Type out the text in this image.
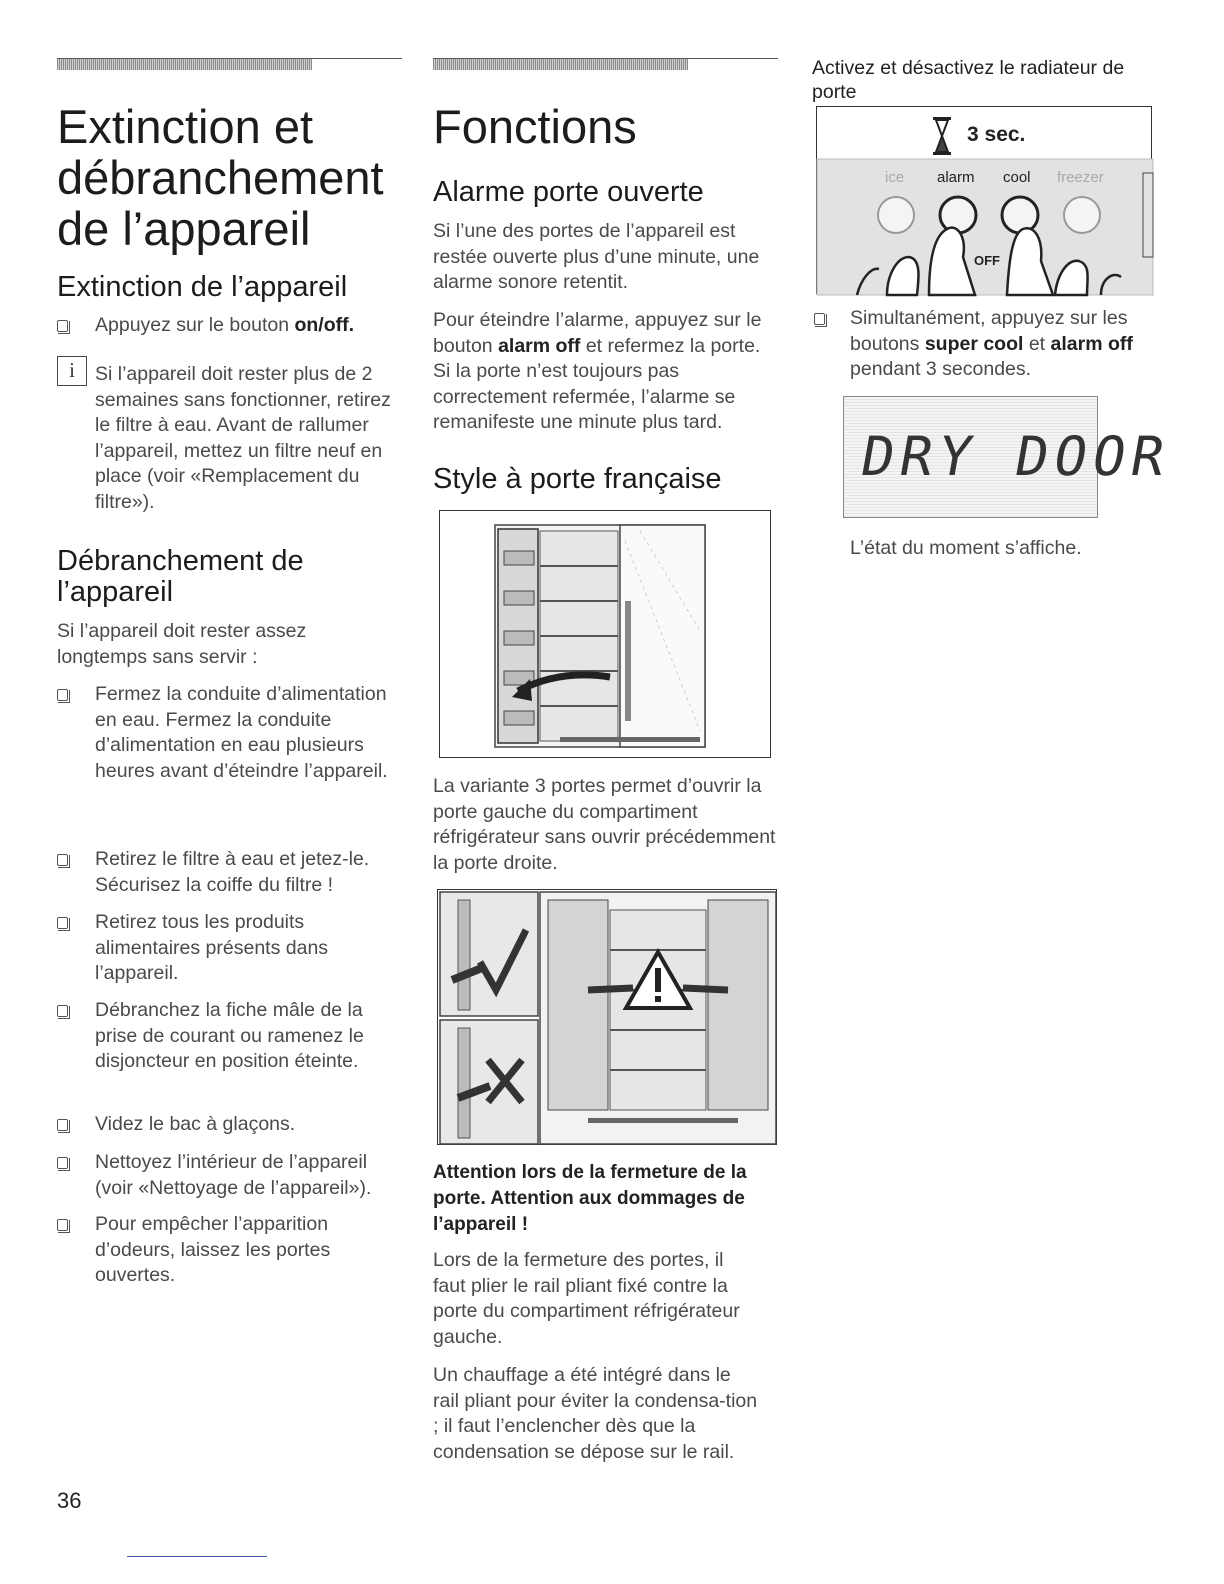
Extinction et débranchement de l’appareil
Extinction de l’appareil
Appuyez sur le bouton on/off.
i	Si l’appareil doit rester plus de 2 semaines sans fonctionner, retirez le filtre à eau. Avant de rallumer l’appareil, mettez un filtre neuf en place (voir «Remplacement du filtre»).

Débranchement de l’appareil

Si l’appareil doit rester assez longtemps sans servir :

Fermez la conduite d’alimentation en eau. Fermez la conduite d’alimentation en eau plusieurs heures avant d’éteindre l’appareil.
Retirez le filtre à eau et jetez-le. Sécurisez la coiffe du filtre !
Retirez tous les produits alimentaires présents dans l’appareil.
Débranchez la fiche mâle de la prise de courant ou ramenez le disjoncteur en position éteinte.
Videz le bac à glaçons.
Nettoyez l’intérieur de l’appareil (voir «Nettoyage de l’appareil»).
Pour empêcher l’apparition d’odeurs, laissez les portes ouvertes.
Fonctions
Alarme porte ouverte

Si l’une des portes de l’appareil est restée ouverte plus d’une minute, une alarme sonore retentit.

Pour éteindre l’alarme, appuyez sur le bouton alarm off et refermez la porte. Si la porte n’est toujours pas correctement refermée, l’alarme se remanifeste une minute plus tard.

Style à porte française

La variante 3 portes permet d’ouvrir la porte gauche du compartiment réfrigérateur sans ouvrir précédemment la porte droite.

Attention lors de la fermeture de la porte. Attention aux dommages de l’appareil !

Lors de la fermeture des portes, il faut plier le rail pliant fixé contre la porte du compartiment réfrigérateur gauche.

Un chauffage a été intégré dans le rail pliant pour éviter la condensa-tion ; il faut l’enclencher dès que la condensation se dépose sur le rail.

Activez et désactivez le radiateur de porte

3 sec.
ice alarm cool freezer
OFF
Simultanément, appuyez sur les boutons super cool et alarm off pendant 3 secondes.
DRY DOOR

L’état du moment s’affiche.

36
